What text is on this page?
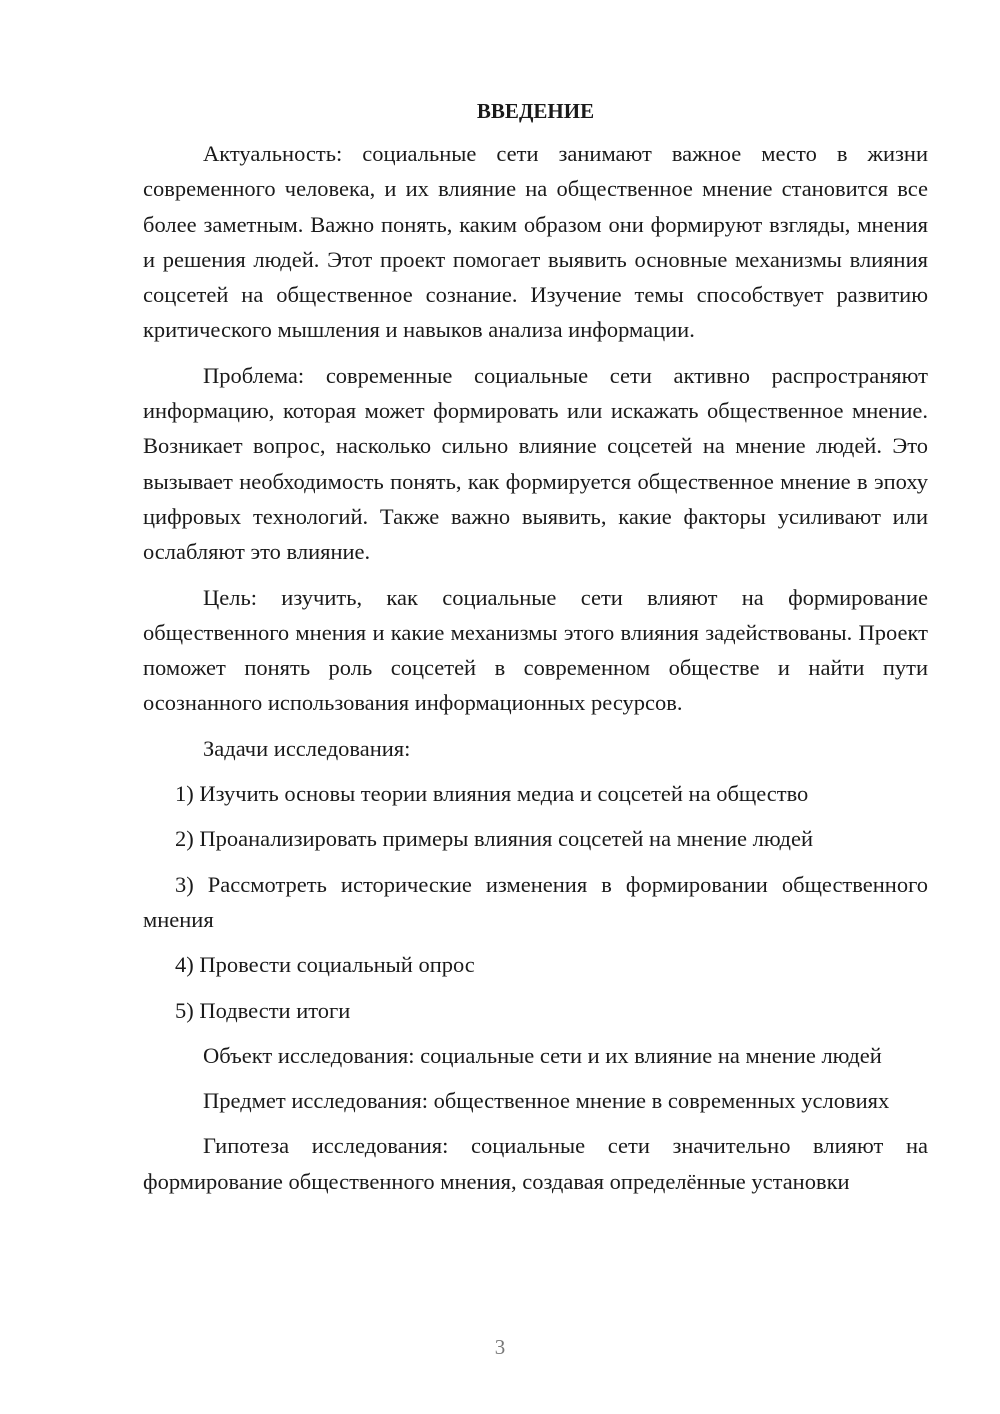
ВВЕДЕНИЕ

Актуальность: социальные сети занимают важное место в жизни современного человека, и их влияние на общественное мнение становится все более заметным. Важно понять, каким образом они формируют взгляды, мнения и решения людей. Этот проект помогает выявить основные механизмы влияния соцсетей на общественное сознание. Изучение темы способствует развитию критического мышления и навыков анализа информации.

Проблема: современные социальные сети активно распространяют информацию, которая может формировать или искажать общественное мнение. Возникает вопрос, насколько сильно влияние соцсетей на мнение людей. Это вызывает необходимость понять, как формируется общественное мнение в эпоху цифровых технологий. Также важно выявить, какие факторы усиливают или ослабляют это влияние.

Цель: изучить, как социальные сети влияют на формирование общественного мнения и какие механизмы этого влияния задействованы. Проект поможет понять роль соцсетей в современном обществе и найти пути осознанного использования информационных ресурсов.

Задачи исследования:

1) Изучить основы теории влияния медиа и соцсетей на общество

2) Проанализировать примеры влияния соцсетей на мнение людей

3) Рассмотреть исторические изменения в формировании общественного мнения

4) Провести социальный опрос

5) Подвести итоги

Объект исследования: социальные сети и их влияние на мнение людей

Предмет исследования: общественное мнение в современных условиях

Гипотеза исследования: социальные сети значительно влияют на формирование общественного мнения, создавая определённые установки

3
